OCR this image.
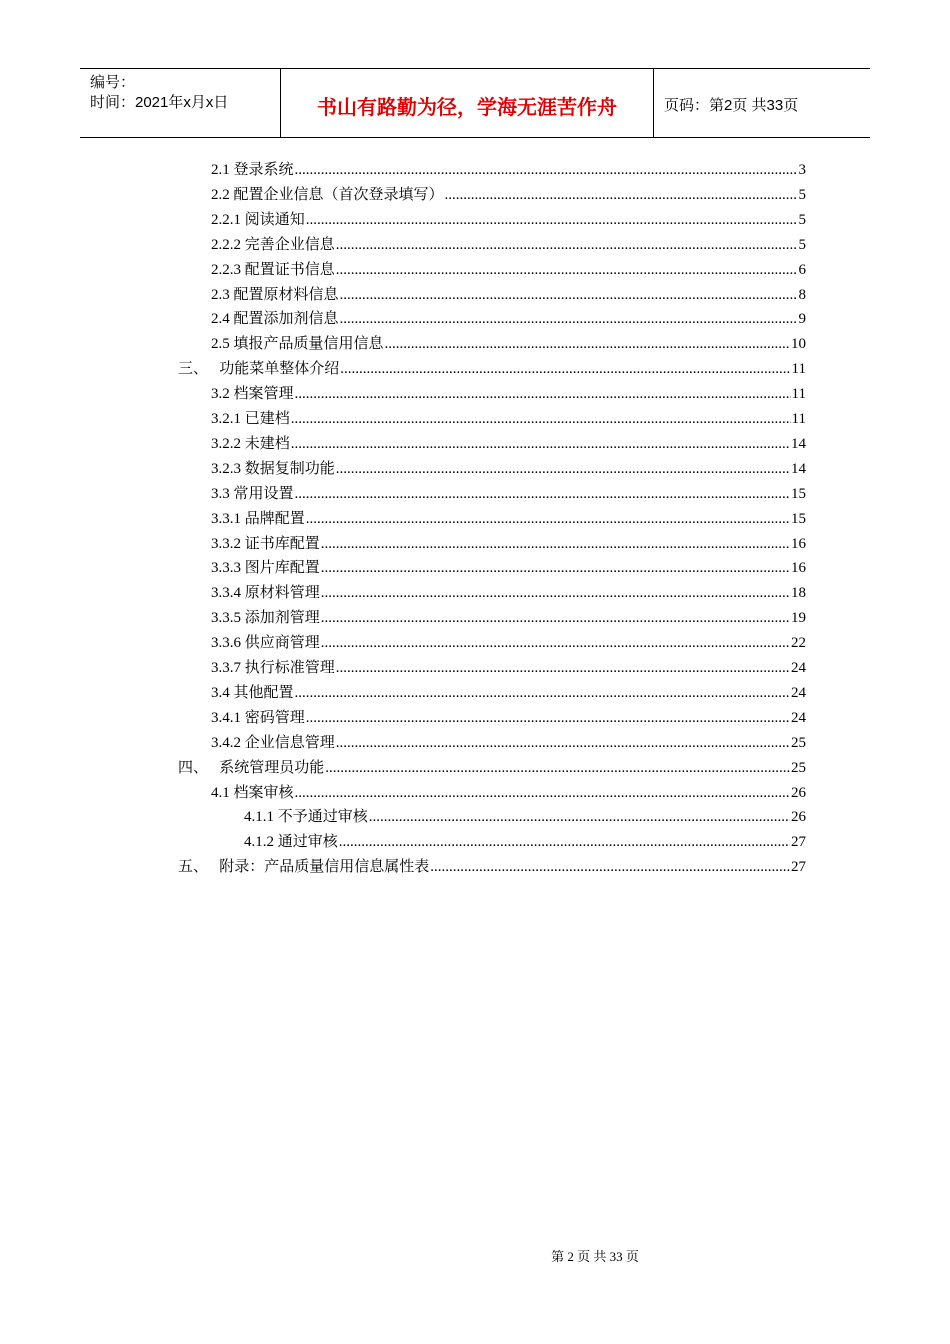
编号：
时间：2021年x月x日	书山有路勤为径，学海无涯苦作舟	页码：第2页 共33页
2.1 登录系统 .....	3
2.2 配置企业信息（首次登录填写） .....	5
2.2.1 阅读通知 .....	5
2.2.2 完善企业信息 .....	5
2.2.3 配置证书信息 .....	6
2.3 配置原材料信息 .....	8
2.4 配置添加剂信息 .....	9
2.5 填报产品质量信用信息 .....	10
三、 功能菜单整体介绍 .....	11
3.2 档案管理 .....	11
3.2.1 已建档 .....	11
3.2.2 未建档 .....	14
3.2.3 数据复制功能 .....	14
3.3 常用设置 .....	15
3.3.1 品牌配置 .....	15
3.3.2 证书库配置 .....	16
3.3.3 图片库配置 .....	16
3.3.4 原材料管理 .....	18
3.3.5 添加剂管理 .....	19
3.3.6 供应商管理 .....	22
3.3.7 执行标准管理 .....	24
3.4 其他配置 .....	24
3.4.1 密码管理 .....	24
3.4.2 企业信息管理 .....	25
四、 系统管理员功能 .....	25
4.1 档案审核 .....	26
4.1.1 不予通过审核 .....	26
4.1.2 通过审核 .....	27
五、 附录：产品质量信用信息属性表 .....	27
第 2 页 共 33 页
